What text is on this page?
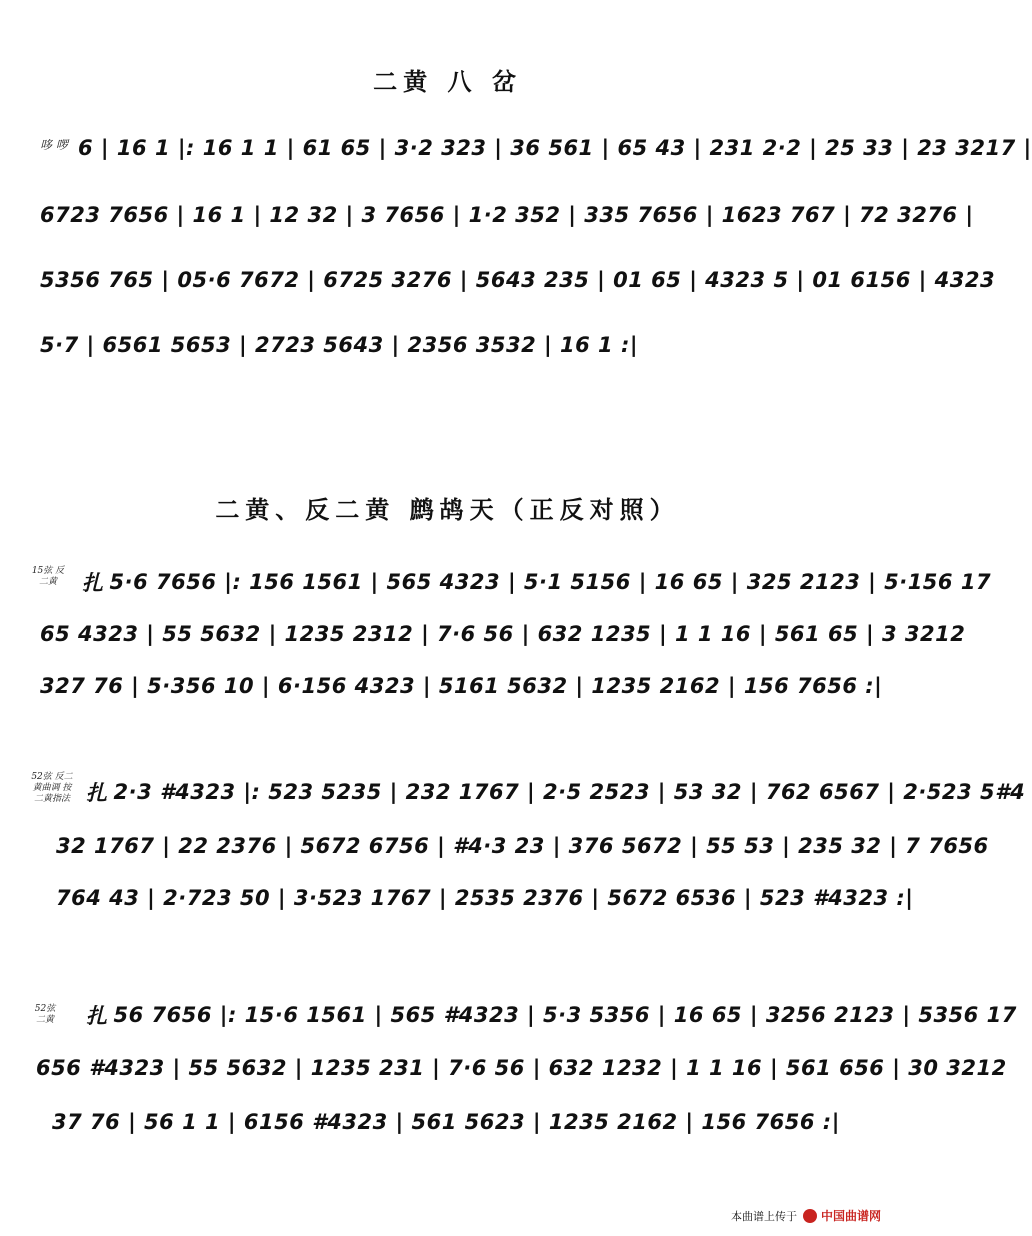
二黄 八 岔
哆 啰 6 | 16 1 |: 16 1 1 | 61 65 | 3·2 323 | 36 561 | 65 43 | 231 2·2 | 25 33 | 23 3217 |
6723 7656 | 16 1 | 12 32 | 3 7656 | 1·2 352 | 335 7656 | 1623 767 | 72 3276 |
5356 765 | 05·6 7672 | 6725 3276 | 5643 235 | 01 65 | 4323 5 | 01 6156 | 4323
5·7 | 6561 5653 | 2723 5643 | 2356 3532 | 16 1 :|
二黄、反二黄 鹧鸪天（正反对照）
15弦 反二黄	扎 5·6 7656 |: 156 1561 | 565 4323 | 5·1 5156 | 16 65 | 325 2123 | 5·156 17
65 4323 | 55 5632 | 1235 2312 | 7·6 56 | 632 1235 | 1 1 16 | 561 65 | 3 3212
327 76 | 5·356 10 | 6·156 4323 | 5161 5632 | 1235 2162 | 156 7656 :|
52弦 反二黄曲调 按二黄指法 扎 2·3 #4323 |: 523 5235 | 232 1767 | 2·5 2523 | 53 32 | 762 6567 | 2·523 5#4
32 1767 | 22 2376 | 5672 6756 | #4·3 23 | 376 5672 | 55 53 | 235 32 | 7 7656
764 43 | 2·723 50 | 3·523 1767 | 2535 2376 | 5672 6536 | 523 #4323 :|
52弦 二黄 扎 56 7656 |: 15·6 1561 | 565 #4323 | 5·3 5356 | 16 65 | 3256 2123 | 5356 17
656 #4323 | 55 5632 | 1235 231 | 7·6 56 | 632 1232 | 1 1 16 | 561 656 | 30 3212
37 76 | 56 1 1 | 6156 #4323 | 561 5623 | 1235 2162 | 156 7656 :|
本曲谱上传于 中国曲谱网
